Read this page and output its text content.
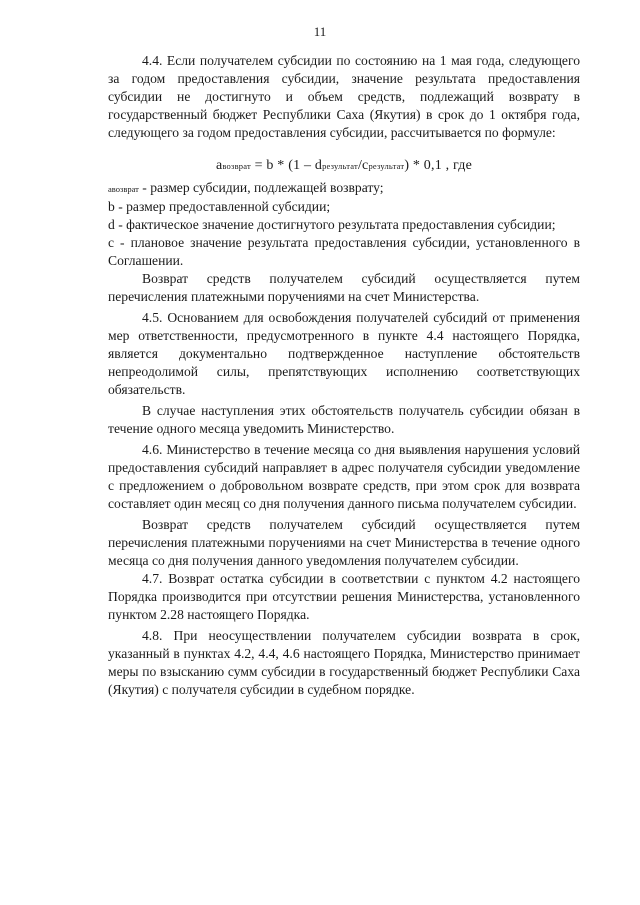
11

4.4. Если получателем субсидии по состоянию на 1 мая года, следующего за годом предоставления субсидии, значение результата предоставления субсидии не достигнуто и объем средств, подлежащий возврату в государственный бюджет Республики Саха (Якутия) в срок до 1 октября года, следующего за годом предоставления субсидии, рассчитывается по формуле:

aвозврат = b * (1 – dрезультат/cрезультат) * 0,1 , где

aвозврат - размер субсидии, подлежащей возврату;

b - размер предоставленной субсидии;

d - фактическое значение достигнутого результата предоставления субсидии;

c - плановое значение результата предоставления субсидии, установленного в Соглашении.

Возврат средств получателем субсидий осуществляется путем перечисления платежными поручениями на счет Министерства.

4.5. Основанием для освобождения получателей субсидий от применения мер ответственности, предусмотренного в пункте 4.4 настоящего Порядка, является документально подтвержденное наступление обстоятельств непреодолимой силы, препятствующих исполнению соответствующих обязательств.

В случае наступления этих обстоятельств получатель субсидии обязан в течение одного месяца уведомить Министерство.

4.6. Министерство в течение месяца со дня выявления нарушения условий предоставления субсидий направляет в адрес получателя субсидии уведомление с предложением о добровольном возврате средств, при этом срок для возврата составляет один месяц со дня получения данного письма получателем субсидии.

Возврат средств получателем субсидий осуществляется путем перечисления платежными поручениями на счет Министерства в течение одного месяца со дня получения данного уведомления получателем субсидии.

4.7. Возврат остатка субсидии в соответствии с пунктом 4.2 настоящего Порядка производится при отсутствии решения Министерства, установленного пунктом 2.28 настоящего Порядка.

4.8. При неосуществлении получателем субсидии возврата в срок, указанный в пунктах 4.2, 4.4, 4.6 настоящего Порядка, Министерство принимает меры по взысканию сумм субсидии в государственный бюджет Республики Саха (Якутия) с получателя субсидии в судебном порядке.
